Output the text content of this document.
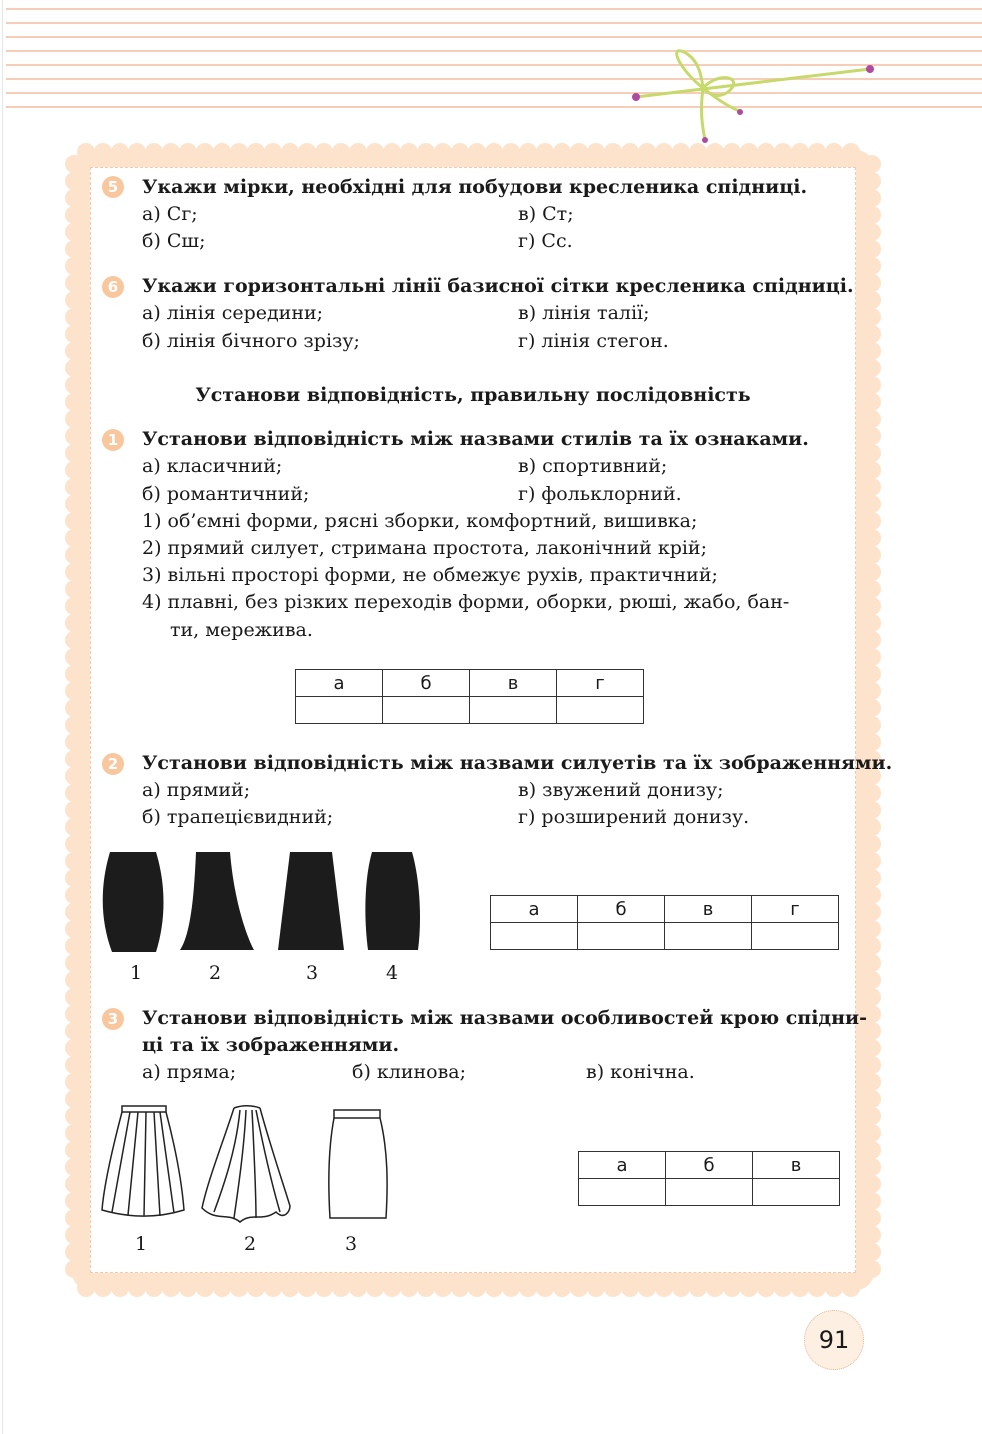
5	Укажи мірки, необхідні для побудови кресленика спідниці.
а) Сг;	в) Ст;
б) Сш;	г) Сс.
6	Укажи горизонтальні лінії базисної сітки кресленика спідниці.
а) лінія середини;	в) лінія талії;
б) лінія бічного зрізу;	г) лінія стегон.
Установи відповідність, правильну послідовність
1	Установи відповідність між назвами стилів та їх ознаками.
а) класичний;	в) спортивний;
б) романтичний;	г) фольклорний.
1) об’ємні форми, рясні зборки, комфортний, вишивка;
2) прямий силует, стримана простота, лаконічний крій;
3) вільні просторі форми, не обмежує рухів, практичний;
4) плавні, без різких переходів форми, оборки, рюші, жабо, бан-
ти, мережива.
а	б	в	г

2	Установи відповідність між назвами силуетів та їх зображеннями.
а) прямий;	в) звужений донизу;
б) трапецієвидний;	г) розширений донизу.
1	2	3	4
а	б	в	г

3	Установи відповідність між назвами особливостей крою спідни-
ці та їх зображеннями.
а) пряма;	б) клинова;	в) конічна.
1	2	3
а	б	в

91
